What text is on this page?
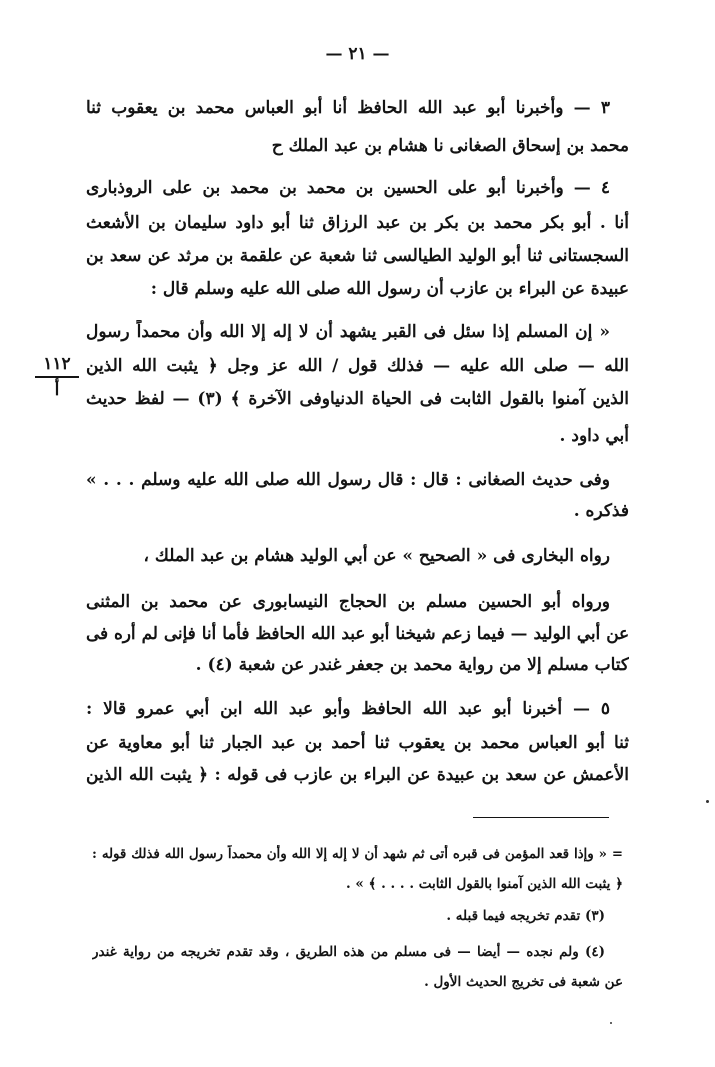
— ٢١ —
٣ — وأخبرنا أبو عبد الله الحافظ أنا أبو العباس محمد بن يعقوب ثنا
محمد بن إسحاق الصغانى نا هشام بن عبد الملك ح
٤ — وأخبرنا أبو على الحسين بن محمد بن محمد بن على الروذبارى
أنا . أبو بكر محمد بن بكر بن عبد الرزاق ثنا أبو داود سليمان بن الأشعث
السجستانى ثنا أبو الوليد الطيالسى ثنا شعبة عن علقمة بن مرثد عن سعد بن
عبيدة عن البراء بن عازب أن رسول الله صلى الله عليه وسلم قال :
« إن المسلم إذا سئل فى القبر يشهد أن لا إله إلا الله وأن محمداً رسول
الله — صلى الله عليه — فذلك قول / الله عز وجل ﴿ يثبت الله الذين
الذين آمنوا بالقول الثابت فى الحياة الدنياوفى الآخرة ﴾ (٣) — لفظ حديث
أبي داود .
وفى حديث الصغانى : قال : قال رسول الله صلى الله عليه وسلم . . . »
فذكره .
رواه البخارى فى « الصحيح » عن أبي الوليد هشام بن عبد الملك ،
ورواه أبو الحسين مسلم بن الحجاج النيسابورى عن محمد بن المثنى
عن أبي الوليد — فيما زعم شيخنا أبو عبد الله الحافظ فأما أنا فإنى لم أره فى
كتاب مسلم إلا من رواية محمد بن جعفر غندر عن شعبة (٤) .
٥ — أخبرنا أبو عبد الله الحافظ وأبو عبد الله ابن أبي عمرو قالا :
ثنا أبو العباس محمد بن يعقوب ثنا أحمد بن عبد الجبار ثنا أبو معاوية عن
الأعمش عن سعد بن عبيدة عن البراء بن عازب فى قوله : ﴿ يثبت الله الذين
١١٢
أ
= « وإذا قعد المؤمن فى قبره أتى ثم شهد أن لا إله إلا الله وأن محمداً رسول الله فذلك قوله :
﴿ يثبت الله الذين آمنوا بالقول الثابت . . . . ﴾ » .
(٣) تقدم تخريجه فيما قبله .
(٤) ولم نجده — أيضا — فى مسلم من هذه الطريق ، وقد تقدم تخريجه من رواية غندر
عن شعبة فى تخريج الحديث الأول .
